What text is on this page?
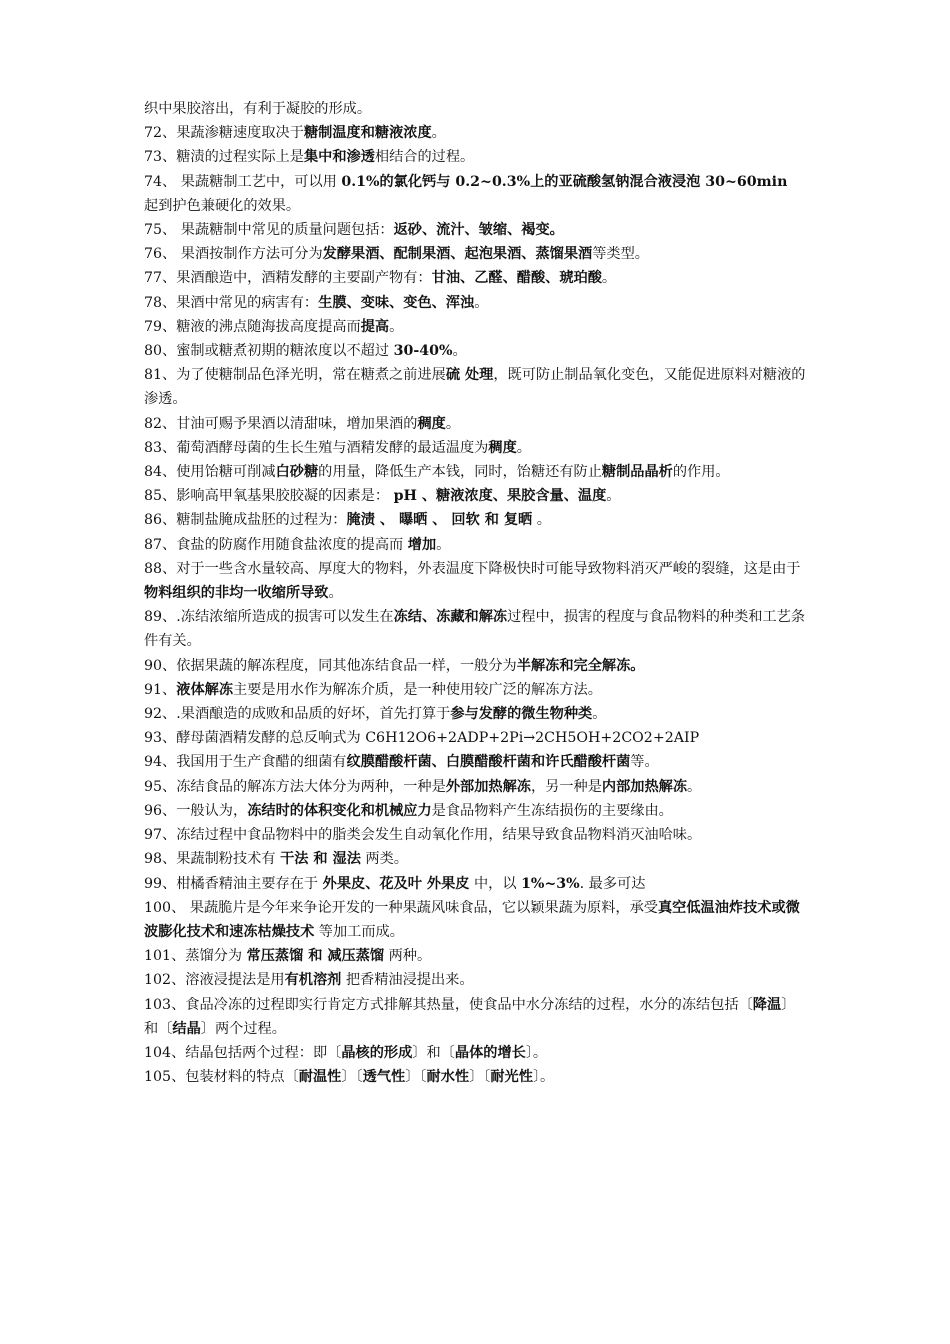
织中果胶溶出，有利于凝胶的形成。

72、果蔬渗糖速度取决于糖制温度和糖液浓度。

73、糖渍的过程实际上是集中和渗透相结合的过程。

74、 果蔬糖制工艺中，可以用 0.1%的氯化钙与 0.2~0.3%上的亚硫酸氢钠混合液浸泡 30~60min 起到护色兼硬化的效果。

75、 果蔬糖制中常见的质量问题包括：返砂、流汁、皱缩、褐变。

76、 果酒按制作方法可分为发酵果酒、配制果酒、起泡果酒、蒸馏果酒等类型。

77、果酒酿造中，酒精发酵的主要副产物有：甘油、乙醛、醋酸、琥珀酸。

78、果酒中常见的病害有：生膜、变味、变色、浑浊。

79、糖液的沸点随海拔高度提高而提高。

80、蜜制或糖煮初期的糖浓度以不超过 30-40%。

81、为了使糖制品色泽光明，常在糖煮之前进展硫 处理，既可防止制品氧化变色，又能促进原料对糖液的渗透。

82、甘油可赐予果酒以清甜味，增加果酒的稠度。

83、葡萄酒酵母菌的生长生殖与酒精发酵的最适温度为稠度。

84、使用饴糖可削减白砂糖的用量，降低生产本钱，同时，饴糖还有防止糖制品晶析的作用。

85、影响高甲氧基果胶胶凝的因素是： pH 、糖液浓度、果胶含量、温度。

86、糖制盐腌成盐胚的过程为：腌渍 、 曝晒 、 回软 和 复晒 。

87、食盐的防腐作用随食盐浓度的提高而 增加。

88、对于一些含水量较高、厚度大的物料，外表温度下降极快时可能导致物料消灭严峻的裂缝，这是由于物料组织的非均一收缩所导致。

89、.冻结浓缩所造成的损害可以发生在冻结、冻藏和解冻过程中，损害的程度与食品物料的种类和工艺条件有关。

90、依据果蔬的解冻程度，同其他冻结食品一样，一般分为半解冻和完全解冻。

91、液体解冻主要是用水作为解冻介质，是一种使用较广泛的解冻方法。

92、.果酒酿造的成败和品质的好坏，首先打算于参与发酵的微生物种类。

93、酵母菌酒精发酵的总反响式为 C6H12O6+2ADP+2Pi→2CH5OH+2CO2+2AIP

94、我国用于生产食醋的细菌有纹膜醋酸杆菌、白膜醋酸杆菌和许氏醋酸杆菌等。

95、冻结食品的解冻方法大体分为两种，一种是外部加热解冻，另一种是内部加热解冻。

96、一般认为，冻结时的体积变化和机械应力是食品物料产生冻结损伤的主要缘由。

97、冻结过程中食品物料中的脂类会发生自动氧化作用，结果导致食品物料消灭油哈味。

98、果蔬制粉技术有 干法 和 湿法 两类。

99、柑橘香精油主要存在于 外果皮、花及叶 外果皮 中，以 1%~3%. 最多可达

100、 果蔬脆片是今年来争论开发的一种果蔬风味食品，它以颖果蔬为原料，承受真空低温油炸技术或微波膨化技术和速冻枯燥技术 等加工而成。

101、蒸馏分为 常压蒸馏 和 减压蒸馏 两种。

102、溶液浸提法是用有机溶剂 把香精油浸提出来。

103、食品冷冻的过程即实行肯定方式排解其热量，使食品中水分冻结的过程，水分的冻结包括〔降温〕和〔结晶〕两个过程。

104、结晶包括两个过程：即〔晶核的形成〕和〔晶体的增长〕。

105、包装材料的特点〔耐温性〕〔透气性〕〔耐水性〕〔耐光性〕。
